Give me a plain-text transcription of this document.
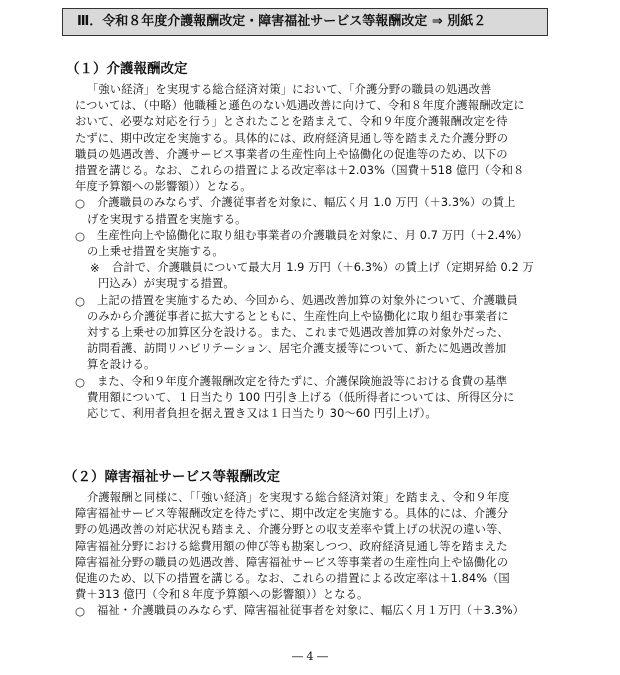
Ⅲ．令和８年度介護報酬改定・障害福祉サービス等報酬改定 ⇒ 別紙２
（１）介護報酬改定
「強い経済」を実現する総合経済対策」において、「介護分野の職員の処遇改善
については、（中略）他職種と遜色のない処遇改善に向けて、令和８年度介護報酬改定に
おいて、必要な対応を行う」とされたことを踏まえて、令和９年度介護報酬改定を待
たずに、期中改定を実施する。具体的には、政府経済見通し等を踏まえた介護分野の
職員の処遇改善、介護サービス事業者の生産性向上や協働化の促進等のため、以下の
措置を講じる。なお、これらの措置による改定率は＋2.03%（国費＋518 億円（令和８
年度予算額への影響額））となる。
○ 介護職員のみならず、介護従事者を対象に、幅広く月 1.0 万円（＋3.3%）の賃上
げを実現する措置を実施する。
○ 生産性向上や協働化に取り組む事業者の介護職員を対象に、月 0.7 万円（＋2.4%）
の上乗せ措置を実施する。
※ 合計で、介護職員について最大月 1.9 万円（＋6.3%）の賃上げ（定期昇給 0.2 万
円込み）が実現する措置。
○ 上記の措置を実施するため、今回から、処遇改善加算の対象外について、介護職員
のみから介護従事者に拡大するとともに、生産性向上や協働化に取り組む事業者に
対する上乗せの加算区分を設ける。また、これまで処遇改善加算の対象外だった、
訪問看護、訪問リハビリテーション、居宅介護支援等について、新たに処遇改善加
算を設ける。
○ また、令和９年度介護報酬改定を待たずに、介護保険施設等における食費の基準
費用額について、１日当たり 100 円引き上げる（低所得者については、所得区分に
応じて、利用者負担を据え置き又は１日当たり 30～60 円引上げ）。
（２）障害福祉サービス等報酬改定
介護報酬と同様に、「「強い経済」を実現する総合経済対策」を踏まえ、令和９年度
障害福祉サービス等報酬改定を待たずに、期中改定を実施する。具体的には、介護分
野の処遇改善の対応状況も踏まえ、介護分野との収支差率や賃上げの状況の違い等、
障害福祉分野における総費用額の伸び等も勘案しつつ、政府経済見通し等を踏まえた
障害福祉分野の職員の処遇改善、障害福祉サービス等事業者の生産性向上や協働化の
促進のため、以下の措置を講じる。なお、これらの措置による改定率は＋1.84%（国
費＋313 億円（令和８年度予算額への影響額））となる。
○ 福祉・介護職員のみならず、障害福祉従事者を対象に、幅広く月１万円（＋3.3%）
― 4 ―
